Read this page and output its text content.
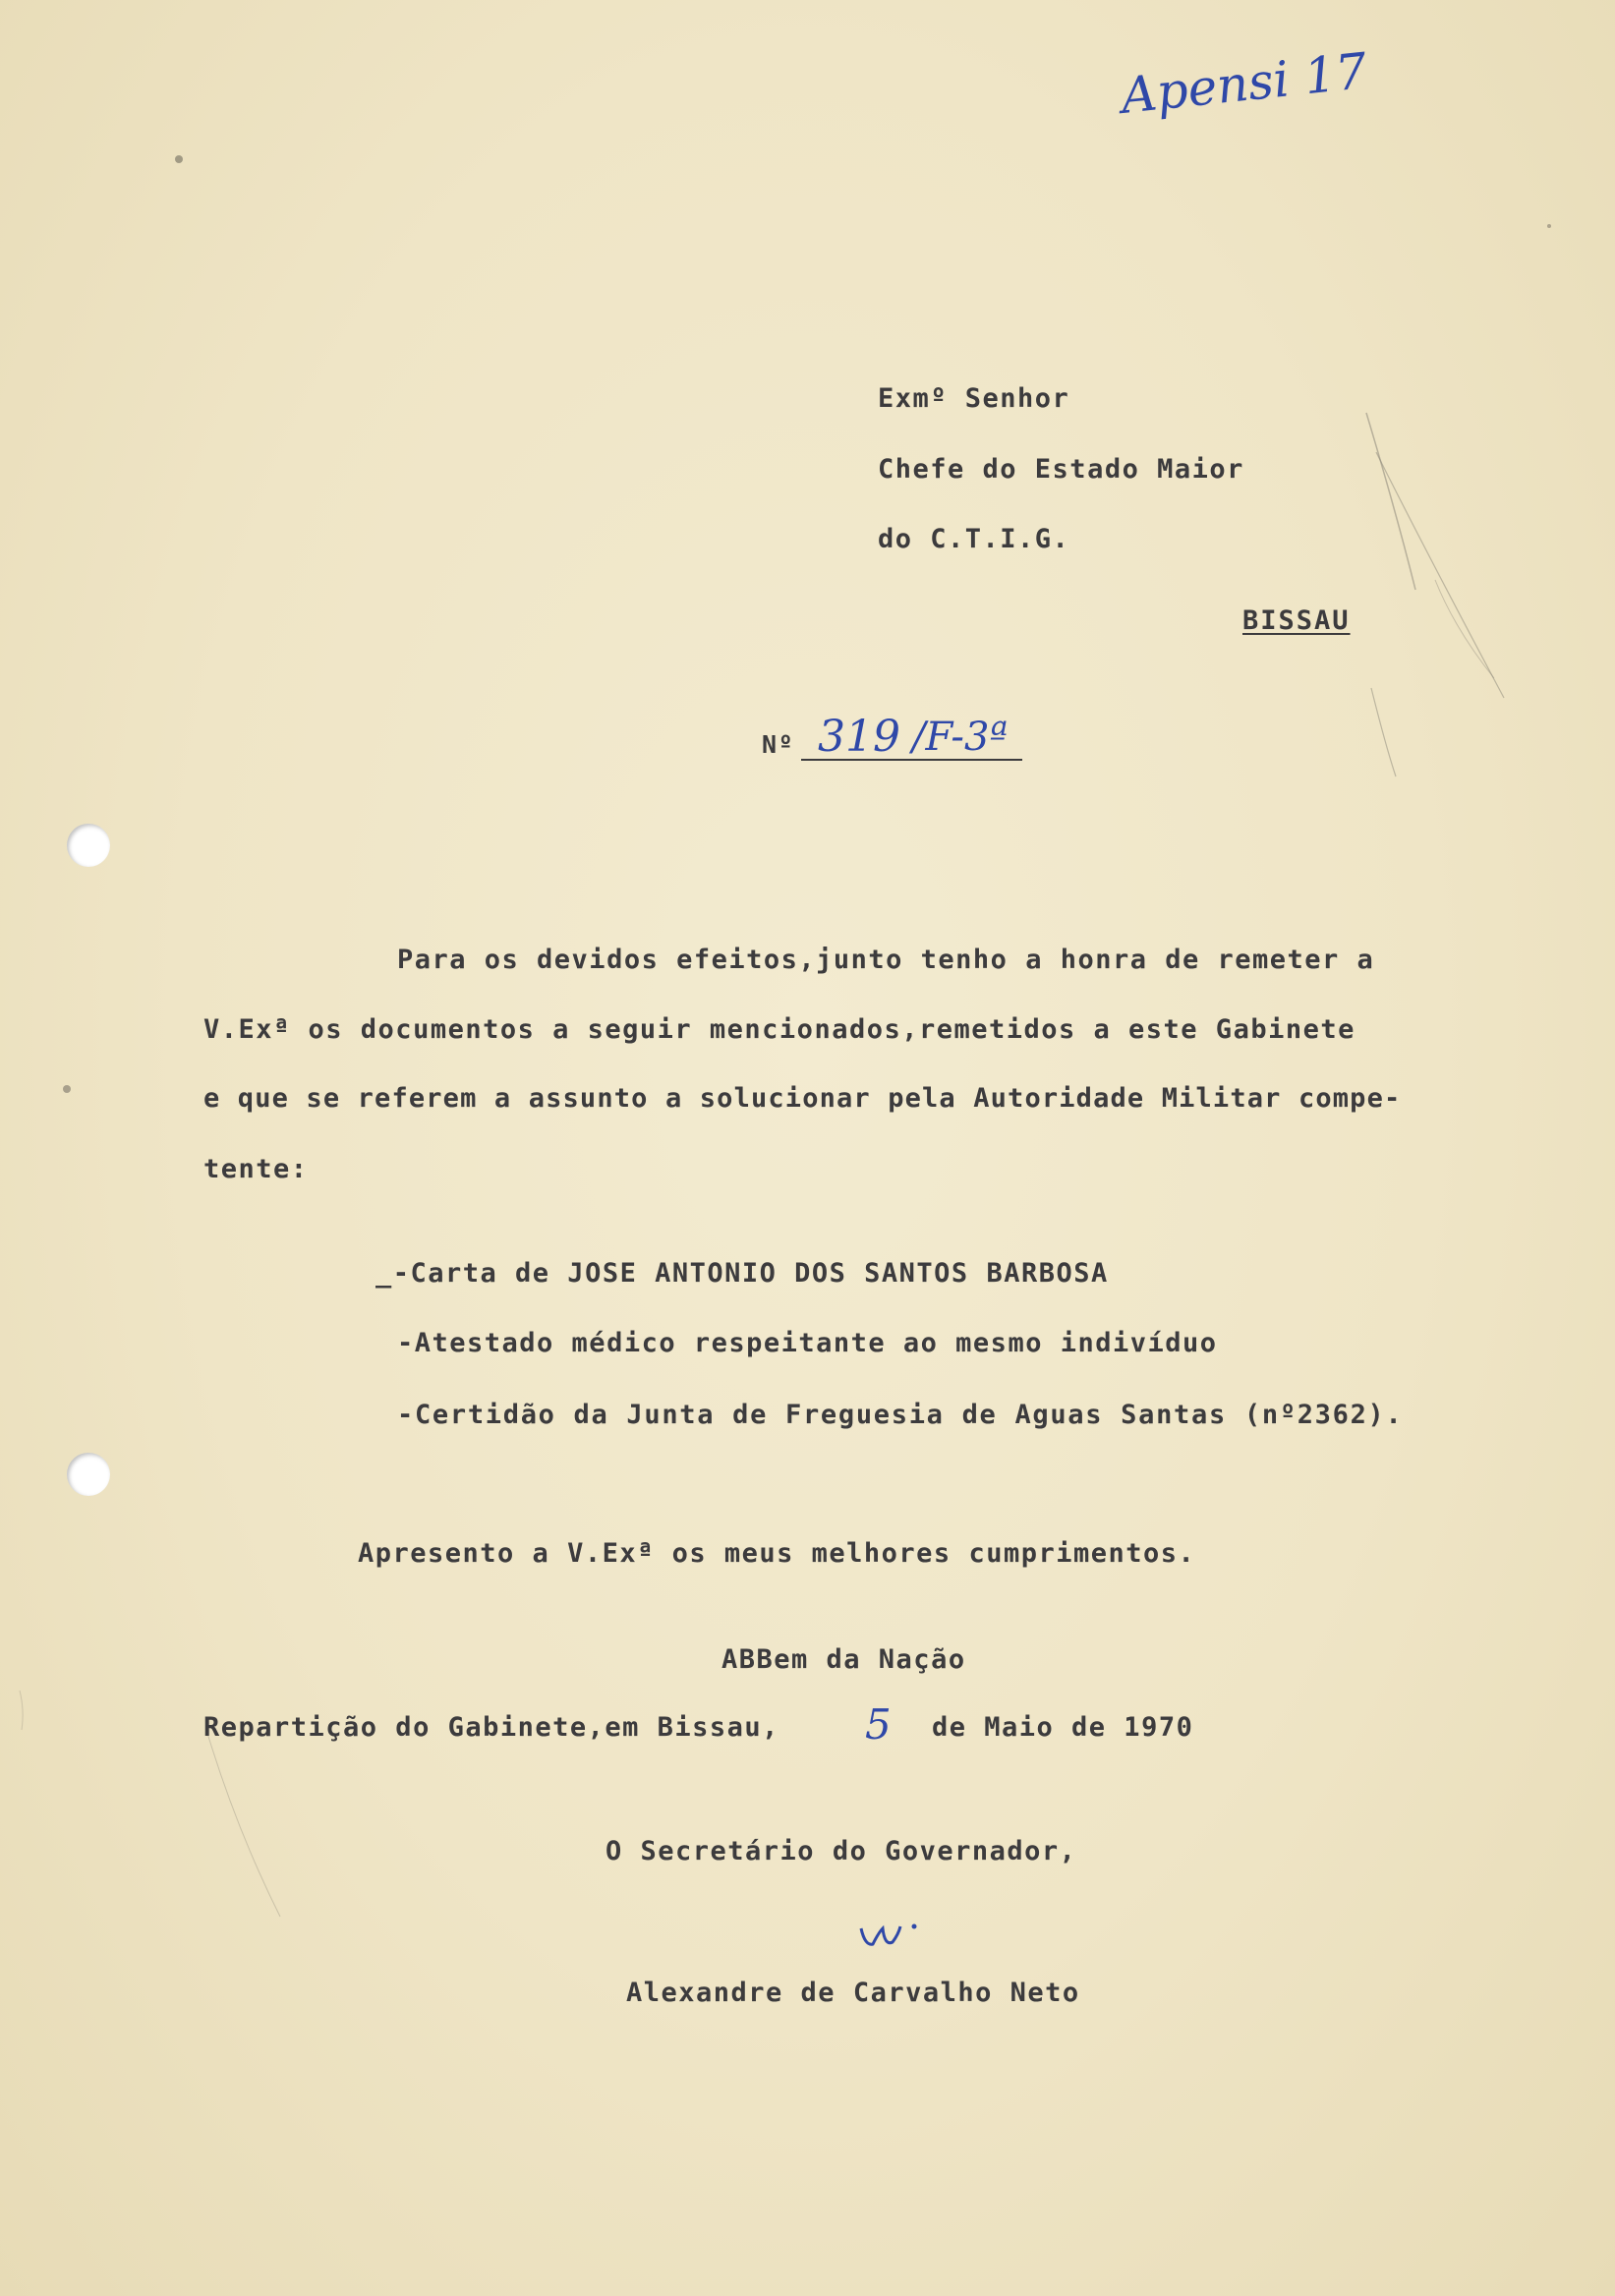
Apensi 17
Exmº Senhor
Chefe do Estado Maior
do C.T.I.G.
BISSAU
Nº 319 /F-3ª
Para os devidos efeitos,junto tenho a honra de remeter a
V.Exª os documentos a seguir mencionados,remetidos a este Gabinete
e que se referem a assunto a solucionar pela Autoridade Militar compe-
tente:
_-Carta de JOSE ANTONIO DOS SANTOS BARBOSA
-Atestado médico respeitante ao mesmo indivíduo
-Certidão da Junta de Freguesia de Aguas Santas (nº2362).
Apresento a V.Exª os meus melhores cumprimentos.
ABBem da Nação
Repartição do Gabinete,em Bissau, 5 de Maio de 1970
O Secretário do Governador,
Alexandre de Carvalho Neto
